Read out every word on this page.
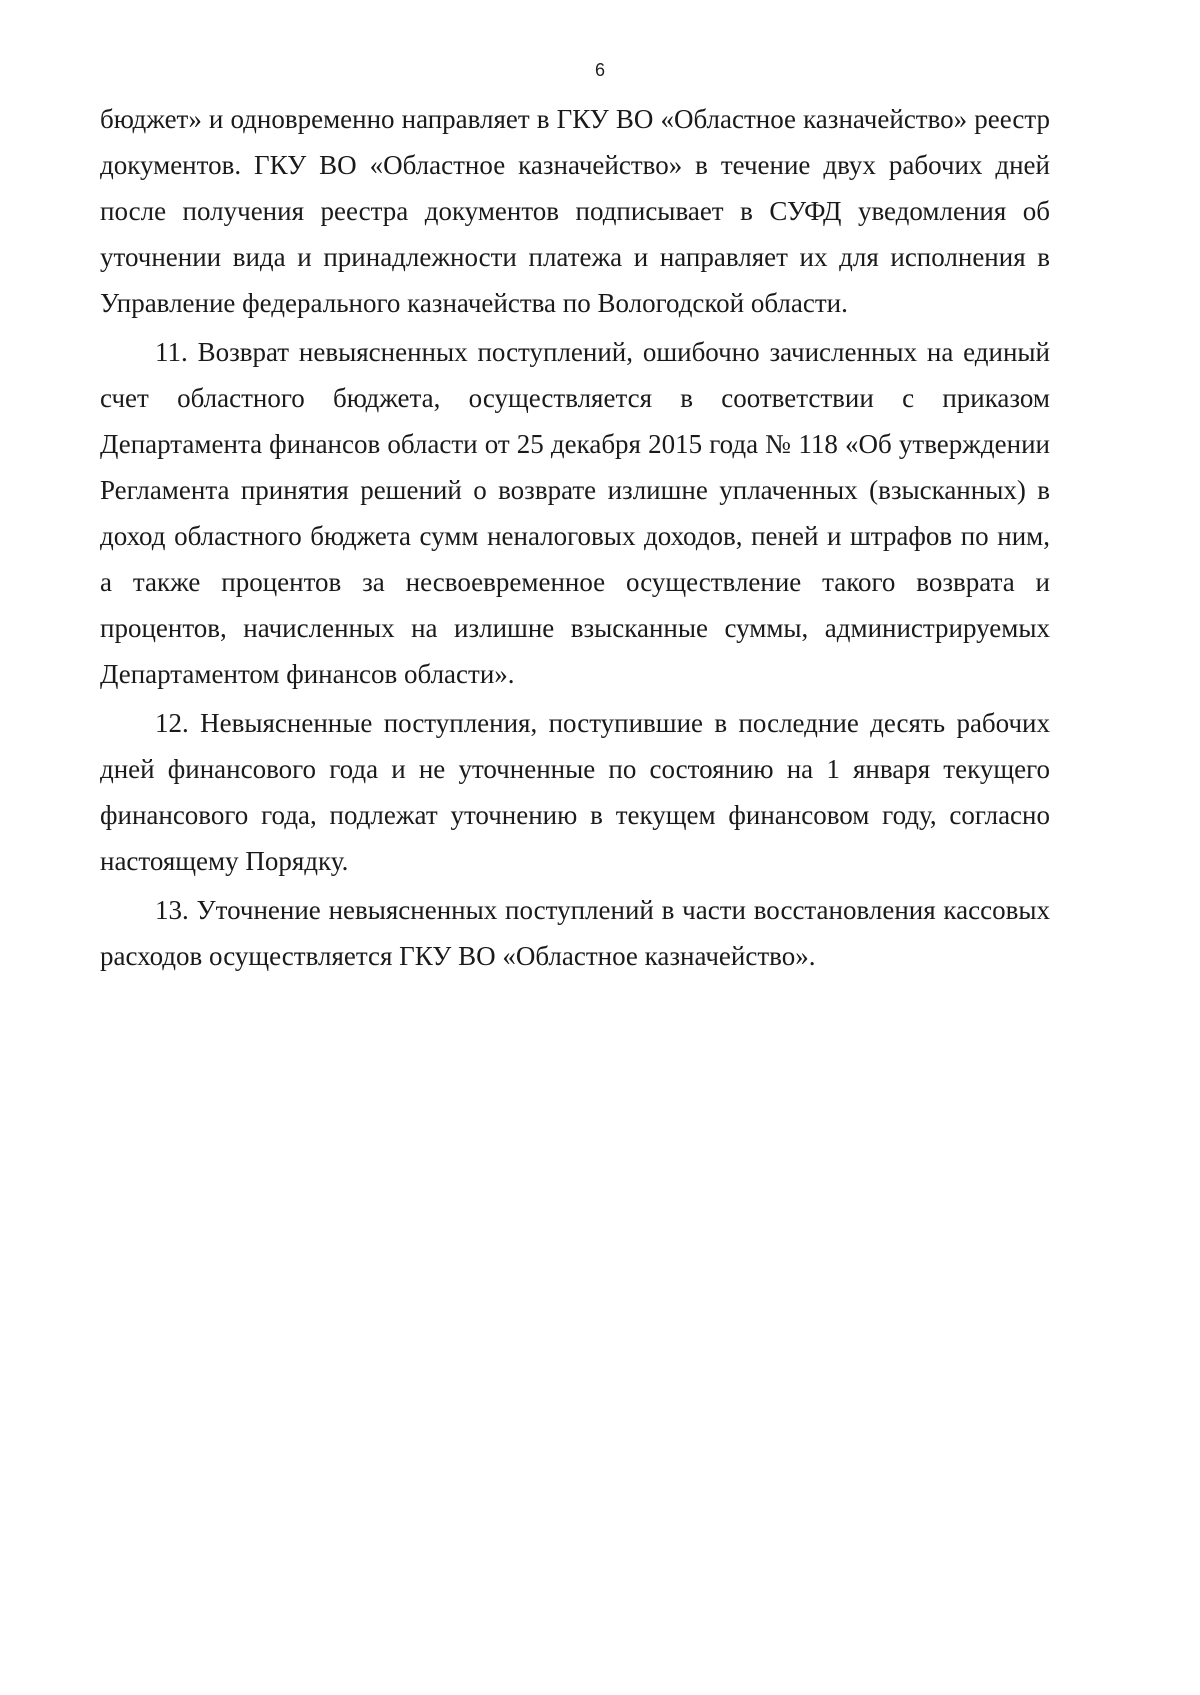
6

бюджет» и одновременно направляет в ГКУ ВО «Областное казначейство» реестр документов. ГКУ ВО «Областное казначейство» в течение двух рабочих дней после получения реестра документов подписывает в СУФД уведомления об уточнении вида и принадлежности платежа и направляет их для исполнения в Управление федерального казначейства по Вологодской области.

11. Возврат невыясненных поступлений, ошибочно зачисленных на единый счет областного бюджета, осуществляется в соответствии с приказом Департамента финансов области от 25 декабря 2015 года № 118 «Об утверждении Регламента принятия решений о возврате излишне уплаченных (взысканных) в доход областного бюджета сумм неналоговых доходов, пеней и штрафов по ним, а также процентов за несвоевременное осуществление такого возврата и процентов, начисленных на излишне взысканные суммы, администрируемых Департаментом финансов области».

12. Невыясненные поступления, поступившие в последние десять рабочих дней финансового года и не уточненные по состоянию на 1 января текущего финансового года, подлежат уточнению в текущем финансовом году, согласно настоящему Порядку.

13. Уточнение невыясненных поступлений в части восстановления кассовых расходов осуществляется ГКУ ВО «Областное казначейство».
